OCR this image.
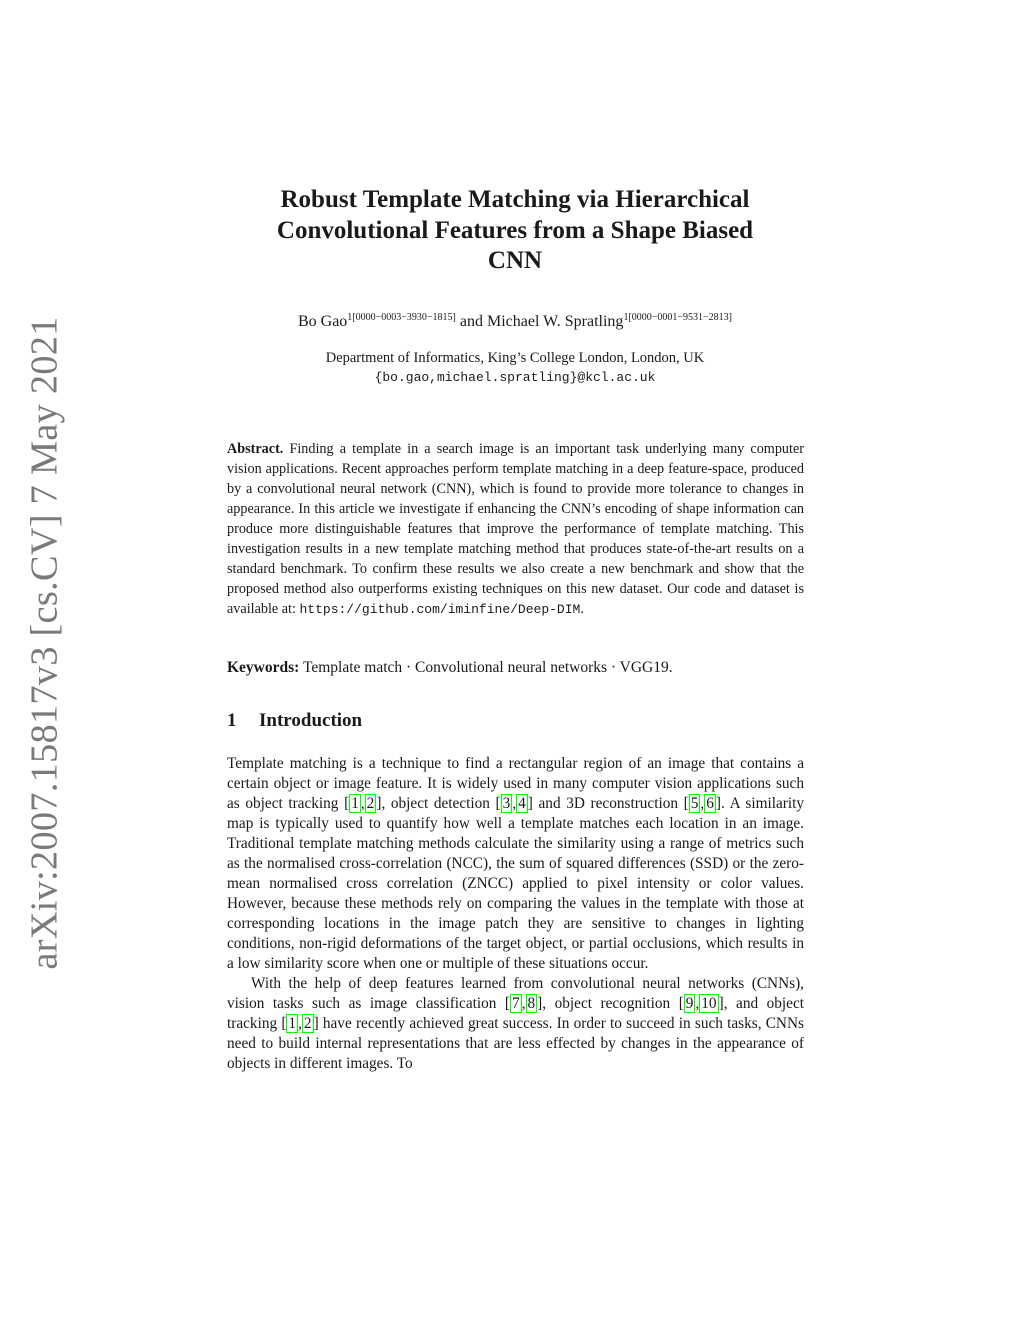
arXiv:2007.15817v3 [cs.CV] 7 May 2021
Robust Template Matching via Hierarchical
Convolutional Features from a Shape Biased
CNN
Bo Gao$^{1[0000-0003-3930-1815]}$ and Michael W. Spratling$^{1[0000-0001-9531-2813]}$
Department of Informatics, King’s College London, London, UK
{bo.gao,michael.spratling}@kcl.ac.uk
Abstract. Finding a template in a search image is an important task underlying many computer vision applications. Recent approaches perform template matching in a deep feature-space, produced by a convolutional neural network (CNN), which is found to provide more tolerance to changes in appearance. In this article we investigate if enhancing the CNN’s encoding of shape information can produce more distinguishable features that improve the performance of template matching. This investigation results in a new template matching method that produces state-of-the-art results on a standard benchmark. To confirm these results we also create a new benchmark and show that the proposed method also outperforms existing techniques on this new dataset. Our code and dataset is available at: https://github.com/iminfine/Deep-DIM.
Keywords: Template match · Convolutional neural networks · VGG19.
1 Introduction

Template matching is a technique to find a rectangular region of an image that contains a certain object or image feature. It is widely used in many computer vision applications such as object tracking [ 1 , 2 ], object detection [ 3 , 4 ] and 3D reconstruction [ 5 , 6 ]. A similarity map is typically used to quantify how well a template matches each location in an image. Traditional template matching methods calculate the similarity using a range of metrics such as the normalised cross-correlation (NCC), the sum of squared differences (SSD) or the zero-mean normalised cross correlation (ZNCC) applied to pixel intensity or color values. However, because these methods rely on comparing the values in the template with those at corresponding locations in the image patch they are sensitive to changes in lighting conditions, non-rigid deformations of the target object, or partial occlusions, which results in a low similarity score when one or multiple of these situations occur.

With the help of deep features learned from convolutional neural networks (CNNs), vision tasks such as image classification [ 7 , 8 ], object recognition [ 9 , 10 ], and object tracking [ 1 , 2 ] have recently achieved great success. In order to succeed in such tasks, CNNs need to build internal representations that are less effected by changes in the appearance of objects in different images. To
